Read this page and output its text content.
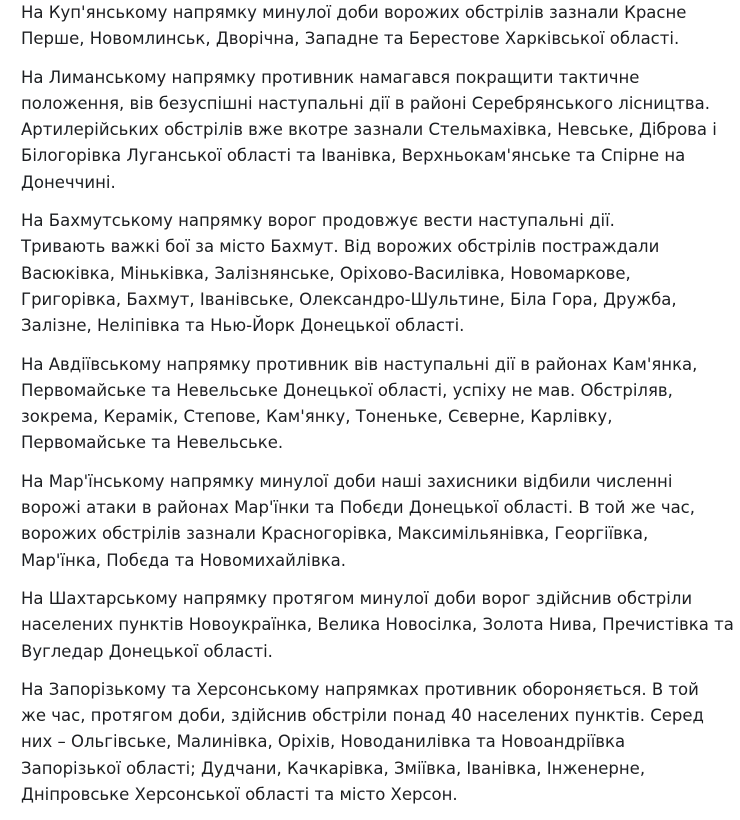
На Куп'янському напрямку минулої доби ворожих обстрілів зазнали Красне
Перше, Новомлинськ, Дворічна, Западне та Берестове Харківської області.
На Лиманському напрямку противник намагався покращити тактичне
положення, вів безуспішні наступальні дії в районі Серебрянського лісництва.
Артилерійських обстрілів вже вкотре зазнали Стельмахівка, Невське, Діброва і
Білогорівка Луганської області та Іванівка, Верхньокам'янське та Спірне на
Донеччині.
На Бахмутському напрямку ворог продовжує вести наступальні дії.
Тривають важкі бої за місто Бахмут. Від ворожих обстрілів постраждали
Васюківка, Міньківка, Залізнянське, Оріхово-Василівка, Новомаркове,
Григорівка, Бахмут, Іванівське, Олександро-Шультине, Біла Гора, Дружба,
Залізне, Неліпівка та Нью-Йорк Донецької області.
На Авдіївському напрямку противник вів наступальні дії в районах Кам'янка,
Первомайське та Невельське Донецької області, успіху не мав. Обстріляв,
зокрема, Керамік, Степове, Кам'янку, Тоненьке, Сєверне, Карлівку,
Первомайське та Невельське.
На Мар'їнському напрямку минулої доби наші захисники відбили численні
ворожі атаки в районах Мар'їнки та Побєди Донецької області. В той же час,
ворожих обстрілів зазнали Красногорівка, Максимільянівка, Георгіївка,
Мар'їнка, Побєда та Новомихайлівка.
На Шахтарському напрямку протягом минулої доби ворог здійснив обстріли
населених пунктів Новоукраїнка, Велика Новосілка, Золота Нива, Пречистівка та
Вугледар Донецької області.
На Запорізькому та Херсонському напрямках противник обороняється. В той
же час, протягом доби, здійснив обстріли понад 40 населених пунктів. Серед
них – Ольгівське, Малинівка, Оріхів, Новоданилівка та Новоандріївка
Запорізької області; Дудчани, Качкарівка, Зміївка, Іванівка, Інженерне,
Дніпровське Херсонської області та місто Херсон.
